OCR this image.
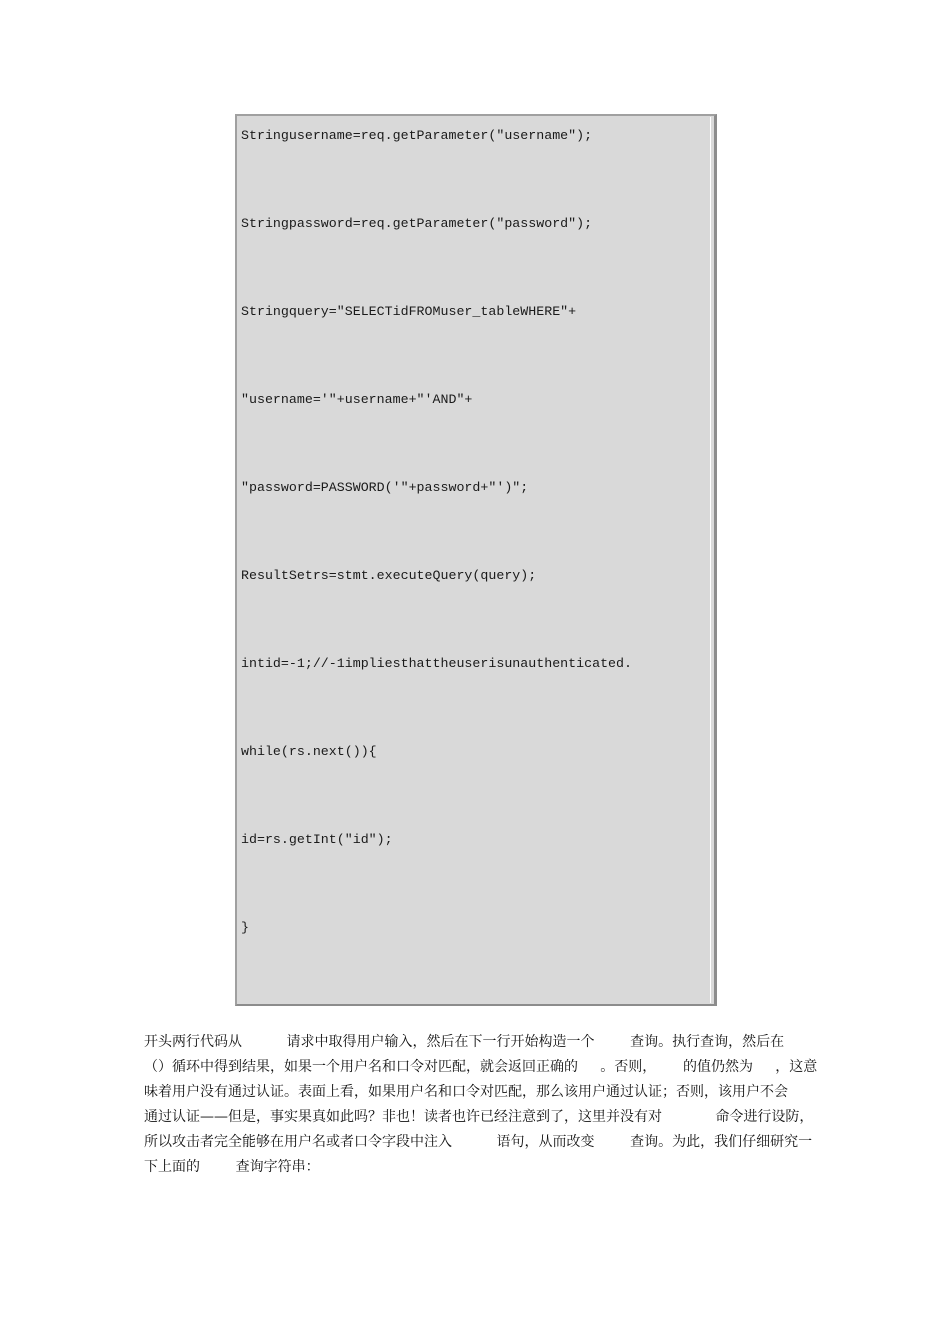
Stringusername=req.getParameter("username");
Stringpassword=req.getParameter("password");
Stringquery="SELECTidFROMuser_tableWHERE"+
"username='"+username+"'AND"+
"password=PASSWORD('"+password+"')";
ResultSetrs=stmt.executeQuery(query);
intid=-1;//-1impliesthattheuserisunauthenticated.
while(rs.next()){
id=rs.getInt("id");
}
开头两行代码从          请求中取得用户输入，然后在下一行开始构造一个        查询。执行查询，然后在
（）循环中得到结果，如果一个用户名和口令对匹配，就会返回正确的     。否则，      的值仍然为     ，这意
味着用户没有通过认证。表面上看，如果用户名和口令对匹配，那么该用户通过认证；否则，该用户不会
通过认证——但是，事实果真如此吗？非也！读者也许已经注意到了，这里并没有对            命令进行设防，
所以攻击者完全能够在用户名或者口令字段中注入          语句，从而改变        查询。为此，我们仔细研究一
下上面的        查询字符串：
